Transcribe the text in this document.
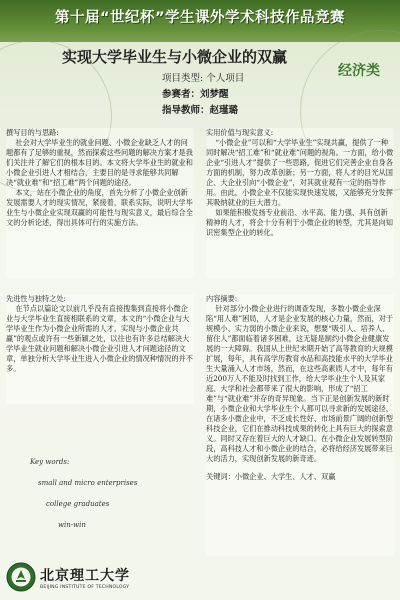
第十届“世纪杯”学生课外学术科技作品竞赛
实现大学毕业生与小微企业的双赢
经济类
项目类型: 个人项目
参赛者：刘梦醒
指导教师：赵瑾璐
撰写目的与思路:

社会对大学毕业生的就业问题、小微企业缺乏人才的问题都有了足够的重视，然而探索这些问题的解决方案才是我们关注并了解它们的根本目的。本文将大学毕业生的就业和小微企业引进人才相结合，主要目的是寻求能够共同解决“就业难”和“招工难”两个问题的途径。

本文，站在小微企业的角度，首先分析了小微企业创新发展需要人才的现实情况，紧接着，联系实际，说明大学毕业生与小微企业实现双赢的可能性与现实意义，最后综合全文的分析论述，得出具体可行的实施方法。

实用价值与现实意义:

“小微企业”可以和“大学毕业生”实现共赢，提供了一种同时解决“招工难”和“就业难”问题的视角。一方面，给小微企业“引进人才”提供了一些思路，促进它们完善企业自身各方面的机制，努力改革创新；另一方面，将人才的目光从国企、大企业引向“小微企业”，对其就业观有一定的指导作用。由此，小微企业不仅能实现快速发展，又能够充分发挥其吸纳就业的巨大潜力。

如果能积极发扬专业前沿、水平高、能力强、具有创新精神的人才，将会十分有利于小微企业的转型，尤其是向知识密集型企业的转化。

先进性与独特之处:

在节点以篇论文以前几乎没有直接搜集到直接将小微企业与大学毕业生直接相联系的文章，本文的“小微企业与大学毕业生作为小微企业所需的人才，实现与小微企业共赢”的观点或许有一些新颖之处，以往也有许多总结解决大学毕业生就业问题和解决小微企业引进人才问题途径的文章，单独分析大学毕业生进入小微企业的情况种情况的并不多。

Key words:
small and micro enterprises
college graduates
win-win
内容摘要:

针对部分小微企业进行的调查发现，多数小微企业深陷“用人难”困局，人才是企业发展的核心力量，然而，对于规模小、实力弱的小微企业来说，想要“吸引人、培养人、留住人”都面临着诸多困难，这无疑是制约小微企业健康发展的一大障碍。我国从上世纪末期开始了高等教育的大规模扩展，每年，具有高学历教育水品和高技能水平的大学毕业生大量涌入人才市场，然而，在这些高素质人才中，每年有近200万人不能及时找到工作，给大学毕业生个人及其家庭、大学和社会都带来了很大的影响，形成了“招工难”与“就业难”并存的奇异现象。当下正是创新发展的新时期，小微企业和大学毕业生个人都可以寻求新的发展途径，在诸多小微企业中，不乏成长性好、市场前景广阔的创新型科技企业，它们在推动科技成果的转化上具有巨大的探索意义。同时又存在着巨大的人才缺口。在小微企业发展转型阶段，高科技人才和小微企业的结合，必将给经济发展带来巨大的活力，实现创新发展的新奇迹。

关键词：小微企业、大学生、人才、双赢

北京理工大学
BEIJING INSTITUTE OF TECHNOLOGY
